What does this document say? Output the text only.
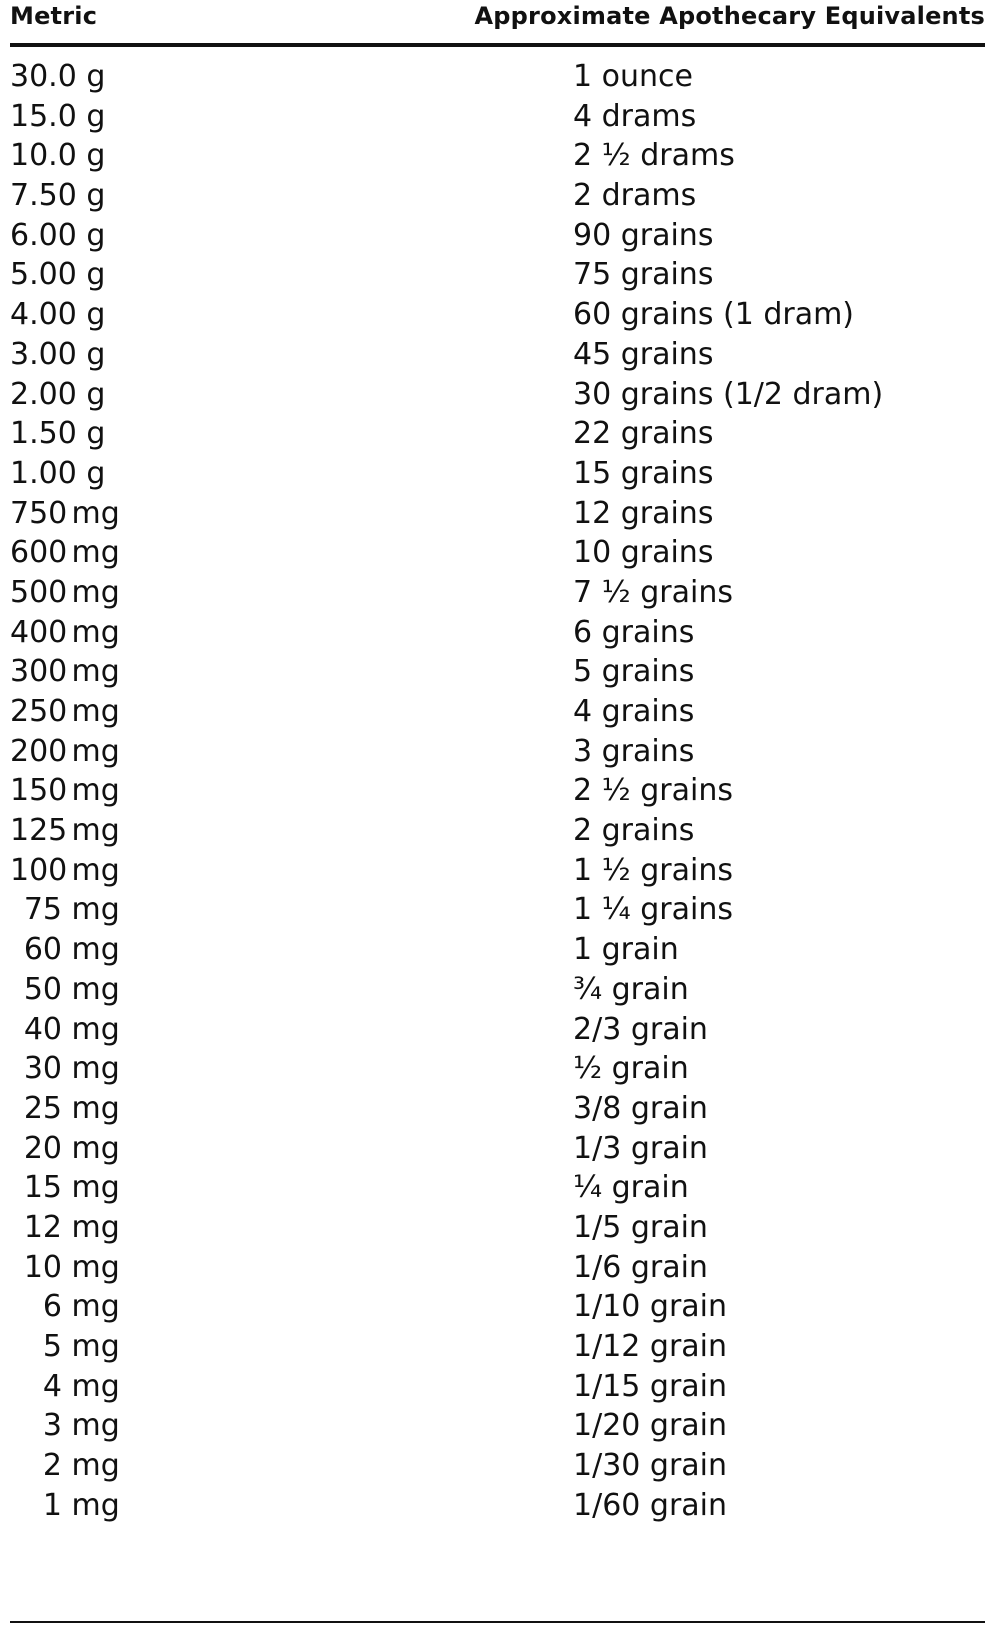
Metric	Approximate Apothecary Equivalents
30.0 g	1 ounce
15.0 g	4 drams
10.0 g	2 ½ drams
7.50 g	2 drams
6.00 g	90 grains
5.00 g	75 grains
4.00 g	60 grains (1 dram)
3.00 g	45 grains
2.00 g	30 grains (1/2 dram)
1.50 g	22 grains
1.00 g	15 grains
750 mg	12 grains
600 mg	10 grains
500 mg	7 ½ grains
400 mg	6 grains
300 mg	5 grains
250 mg	4 grains
200 mg	3 grains
150 mg	2 ½ grains
125 mg	2 grains
100 mg	1 ½ grains
75 mg	1 ¼ grains
60 mg	1 grain
50 mg	¾ grain
40 mg	2/3 grain
30 mg	½ grain
25 mg	3/8 grain
20 mg	1/3 grain
15 mg	¼ grain
12 mg	1/5 grain
10 mg	1/6 grain
6 mg	1/10 grain
5 mg	1/12 grain
4 mg	1/15 grain
3 mg	1/20 grain
2 mg	1/30 grain
1 mg	1/60 grain
